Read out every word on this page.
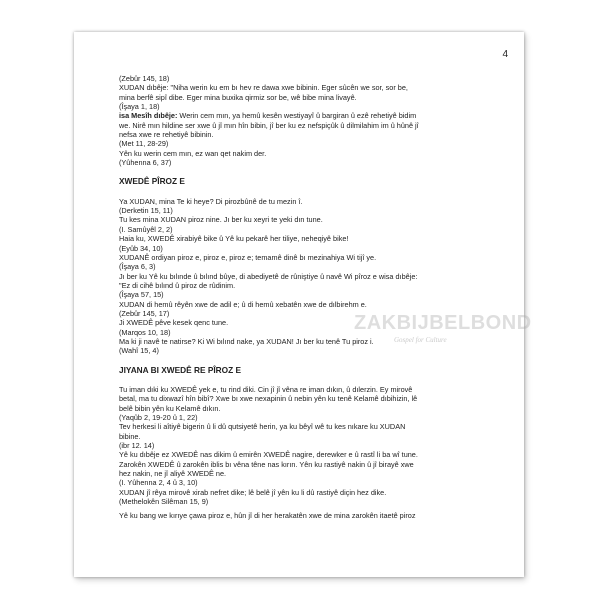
4

(Zebûr 145, 18)

XUDAN dıbêje: "Niha werin ku em bı hev re dawa xwe bibinin. Eger sûcên we sor, sor be,

mina berfê sipî dibe. Eger mina buxika qirmiz sor be, wê bibe mina livayê.

(Îşaya 1, 18)

isa Mesîh dıbêje: Werin cem mın, ya hemû kesên westiyayî û bargiran û ezê rehetiyê bidim

we. Nirê mın hildine ser xwe û jî mın hîn bibin, jî ber ku ez nefspiçûk û dilmilahim im û hûnê jî

nefsa xwe re rehetiyê bibinin.

(Met 11, 28-29)

Yên ku werin cem mın, ez wan qet nakim der.

(Yûhenna 6, 37)

XWEDÊ PÎROZ E

Ya XUDAN, mina Te ki heye? Di pirozbûnê de tu mezin î.

(Derketin 15, 11)

Tu kes mina XUDAN piroz nine. Jı ber ku xeyri te yeki dın tune.

(I. Samûyêl 2, 2)

Haia ku, XWEDÊ xirabiyê bike û Yê ku pekarê her tiliye, neheqiyê bike!

(Eyûb 34, 10)

XUDANÊ ordiyan piroz e, piroz e, piroz e; temamê dinê bı mezinahiya Wi tijî ye.

(Îşaya 6, 3)

Jı ber ku Yê ku bılınde û bılınd bûye, di abediyetê de rûniştiye û navê Wi pîroz e wisa dıbêje:

"Ez di cihê bılınd û piroz de rûdinim.

(Îşaya 57, 15)

XUDAN di hemû rêyên xwe de adil e; û di hemû xebatên xwe de dılbirehm e.

(Zebûr 145, 17)

Ji XWEDÊ pêve kesek qenc tune.

(Marqos 10, 18)

Ma ki ji navê te natirse? Ki Wi bılınd nake, ya XUDAN! Jı ber ku tenê Tu piroz i.

(Wahî 15, 4)

JIYANA BI XWEDÊ RE PÎROZ E

Tu iman dıki ku XWEDÊ yek e, tu rind diki. Cin jî jî vêna re iman dıkın, û dılerzin. Ey mirovê

betal, ma tu dixwazî hîn bibî? Xwe bı xwe nexapinin û nebin yên ku tenê Kelamê dıbihizin, lê

belê bibin yên ku Kelamê dıkın.

(Yaqûb 2, 19-20 û 1, 22)

Tev herkesi li aîtiyê bigerin û li dû qutsiyetê herin, ya ku bêyî wê tu kes nıkare ku XUDAN

bibine.

(ibr 12. 14)

Yê ku dıbêje ez XWEDÊ nas dikim û emirên XWEDÊ nagire, derewker e û rastî li ba wî tune.

Zarokên XWEDÊ û zarokên iblis bı vêna têne nas kırın. Yên ku rastiyê nakin û jî birayê xwe

hez nakin, ne jî aliyê XWEDÊ ne.

(I. Yûhenna 2, 4 û 3, 10)

XUDAN jî rêya mirovê xirab nefret dike; lê belê jî yên ku li dû rastiyê diçin hez dike.

(Methelokên Silêman 15, 9)

Yê ku bang we kırıye çawa piroz e, hûn jî di her herakatên xwe de mina zarokên itaetê piroz

ZAKBIJBELBOND
Gospel for Culture
